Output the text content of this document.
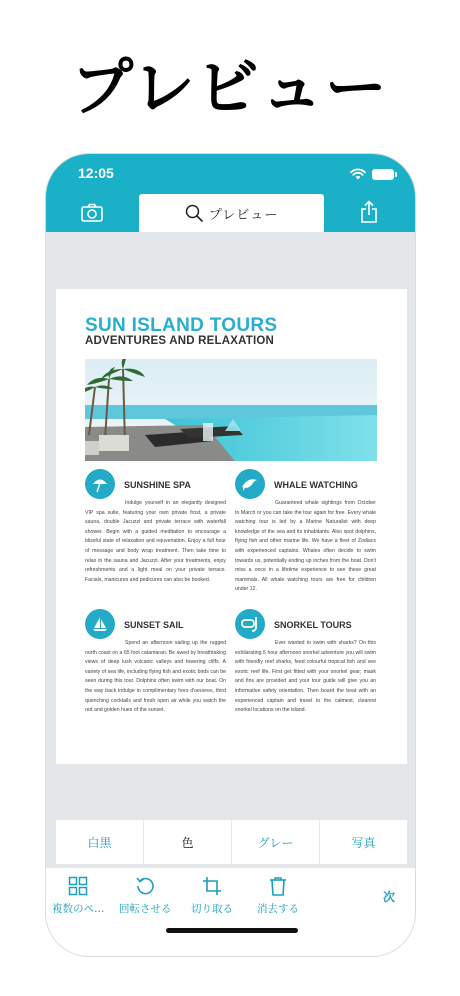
プレビュー
12:05
プレビュー
SUN ISLAND TOURS
ADVENTURES AND RELAXATION
SUNSHINE SPA
Indulge yourself in an elegantly designed VIP spa suite, featuring your own private frost, a private sauna, double Jacuzzi and private terrace with waterfall shower. Begin with a guided meditation to encourage a blissful state of relaxation and rejuvenation. Enjoy a full hour of message and body wrap treatment. Then take time to relax in the sauna and Jacuzzi. After your treatments, enjoy refreshments and a light meal on your private terrace. Facials, manicures and pedicures can also be booked.
WHALE WATCHING
Guaranteed whale sightings from October to March or you can take the tour again for free. Every whale watching tour is led by a Marine Naturalist with deep knowledge of the sea and its inhabitants. Also spot dolphins, flying fish and other marine life. We have a fleet of Zodiacs with experienced captains. Whales often decide to swim towards us, potentially ending up inches from the boat. Don't miss a once in a lifetime experience to see these great mammals. All whale watching tours are free for children under 12.
SUNSET SAIL
Spend an afternoon sailing up the rugged north coast on a 65 foot catamaran. Be awed by breathtaking views of deep lush volcanic valleys and towering cliffs. A variety of sea life, including flying fish and exotic birds can be seen during this tour. Dolphins often swim with our boat. On the way back indulge in complimentary hors d'oeuvres, third quenching cocktails and fresh open air while you watch the red and golden hues of the sunset.
SNORKEL TOURS
Ever wanted to swim with sharks? On this exhilarating 5 hour afternoon snorkel adventure you will swim with friendly reef sharks, feed colourful tropical fish and see exotic reef life. First get fitted with your snorkel gear; mask and fins are provided and your tour guide will give you an informative safety orientation. Then board the boat with an experienced captain and travel to the calmest, clearest snorkel locations on the island.
白黒	色	グレー	写真
複数のペ… 回転させる 切り取る 消去する
次
